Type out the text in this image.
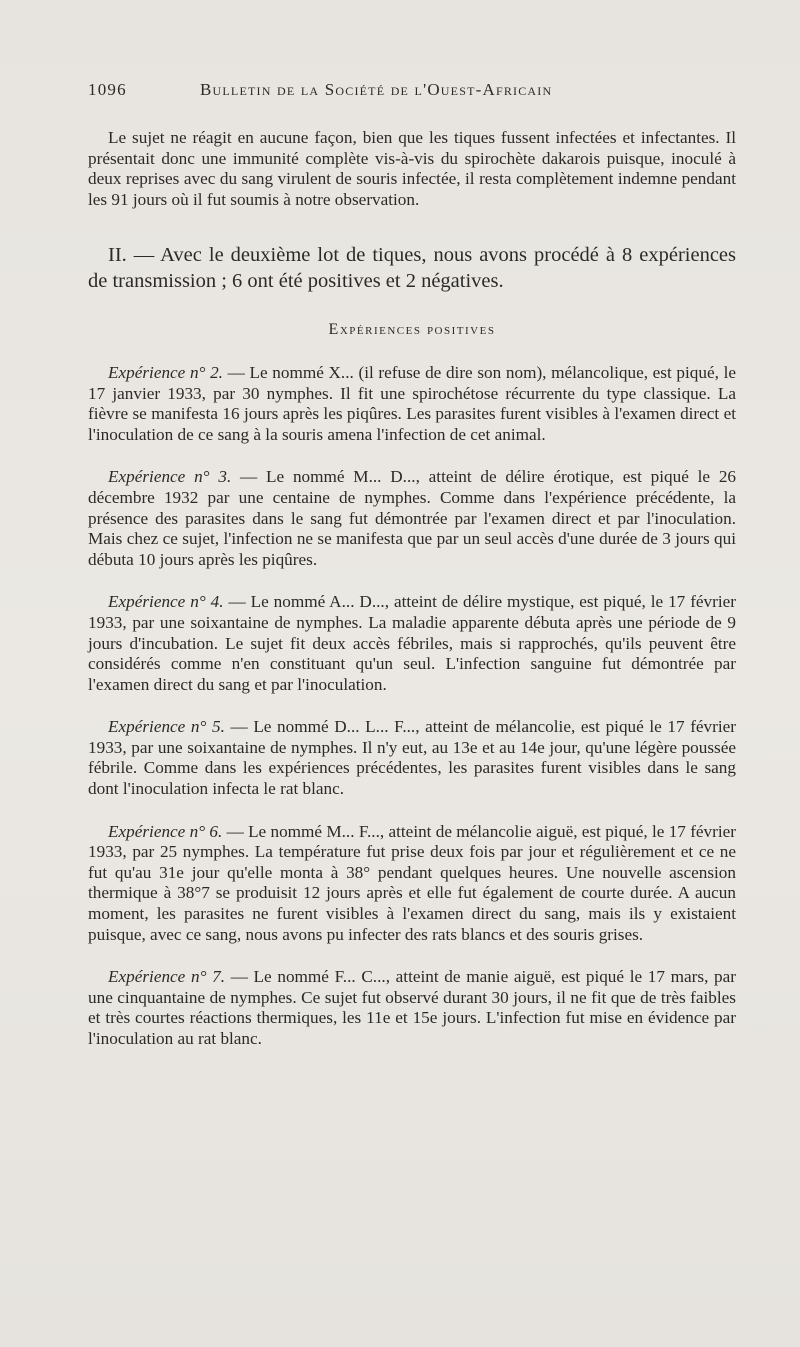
1096	Bulletin de la Société de l'Ouest-Africain

Le sujet ne réagit en aucune façon, bien que les tiques fussent infectées et infectantes. Il présentait donc une immunité complète vis-à-vis du spirochète dakarois puisque, inoculé à deux reprises avec du sang virulent de souris infectée, il resta complètement indemne pendant les 91 jours où il fut soumis à notre observation.

II. — Avec le deuxième lot de tiques, nous avons procédé à 8 expériences de transmission ; 6 ont été positives et 2 négatives.

Expériences positives

Expérience n° 2. — Le nommé X... (il refuse de dire son nom), mélancolique, est piqué, le 17 janvier 1933, par 30 nymphes. Il fit une spirochétose récurrente du type classique. La fièvre se manifesta 16 jours après les piqûres. Les parasites furent visibles à l'examen direct et l'inoculation de ce sang à la souris amena l'infection de cet animal.

Expérience n° 3. — Le nommé M... D..., atteint de délire érotique, est piqué le 26 décembre 1932 par une centaine de nymphes. Comme dans l'expérience précédente, la présence des parasites dans le sang fut démontrée par l'examen direct et par l'inoculation. Mais chez ce sujet, l'infection ne se manifesta que par un seul accès d'une durée de 3 jours qui débuta 10 jours après les piqûres.

Expérience n° 4. — Le nommé A... D..., atteint de délire mystique, est piqué, le 17 février 1933, par une soixantaine de nymphes. La maladie apparente débuta après une période de 9 jours d'incubation. Le sujet fit deux accès fébriles, mais si rapprochés, qu'ils peuvent être considérés comme n'en constituant qu'un seul. L'infection sanguine fut démontrée par l'examen direct du sang et par l'inoculation.

Expérience n° 5. — Le nommé D... L... F..., atteint de mélancolie, est piqué le 17 février 1933, par une soixantaine de nymphes. Il n'y eut, au 13e et au 14e jour, qu'une légère poussée fébrile. Comme dans les expériences précédentes, les parasites furent visibles dans le sang dont l'inoculation infecta le rat blanc.

Expérience n° 6. — Le nommé M... F..., atteint de mélancolie aiguë, est piqué, le 17 février 1933, par 25 nymphes. La température fut prise deux fois par jour et régulièrement et ce ne fut qu'au 31e jour qu'elle monta à 38° pendant quelques heures. Une nouvelle ascension thermique à 38°7 se produisit 12 jours après et elle fut également de courte durée. A aucun moment, les parasites ne furent visibles à l'examen direct du sang, mais ils y existaient puisque, avec ce sang, nous avons pu infecter des rats blancs et des souris grises.

Expérience n° 7. — Le nommé F... C..., atteint de manie aiguë, est piqué le 17 mars, par une cinquantaine de nymphes. Ce sujet fut observé durant 30 jours, il ne fit que de très faibles et très courtes réactions thermiques, les 11e et 15e jours. L'infection fut mise en évidence par l'inoculation au rat blanc.
